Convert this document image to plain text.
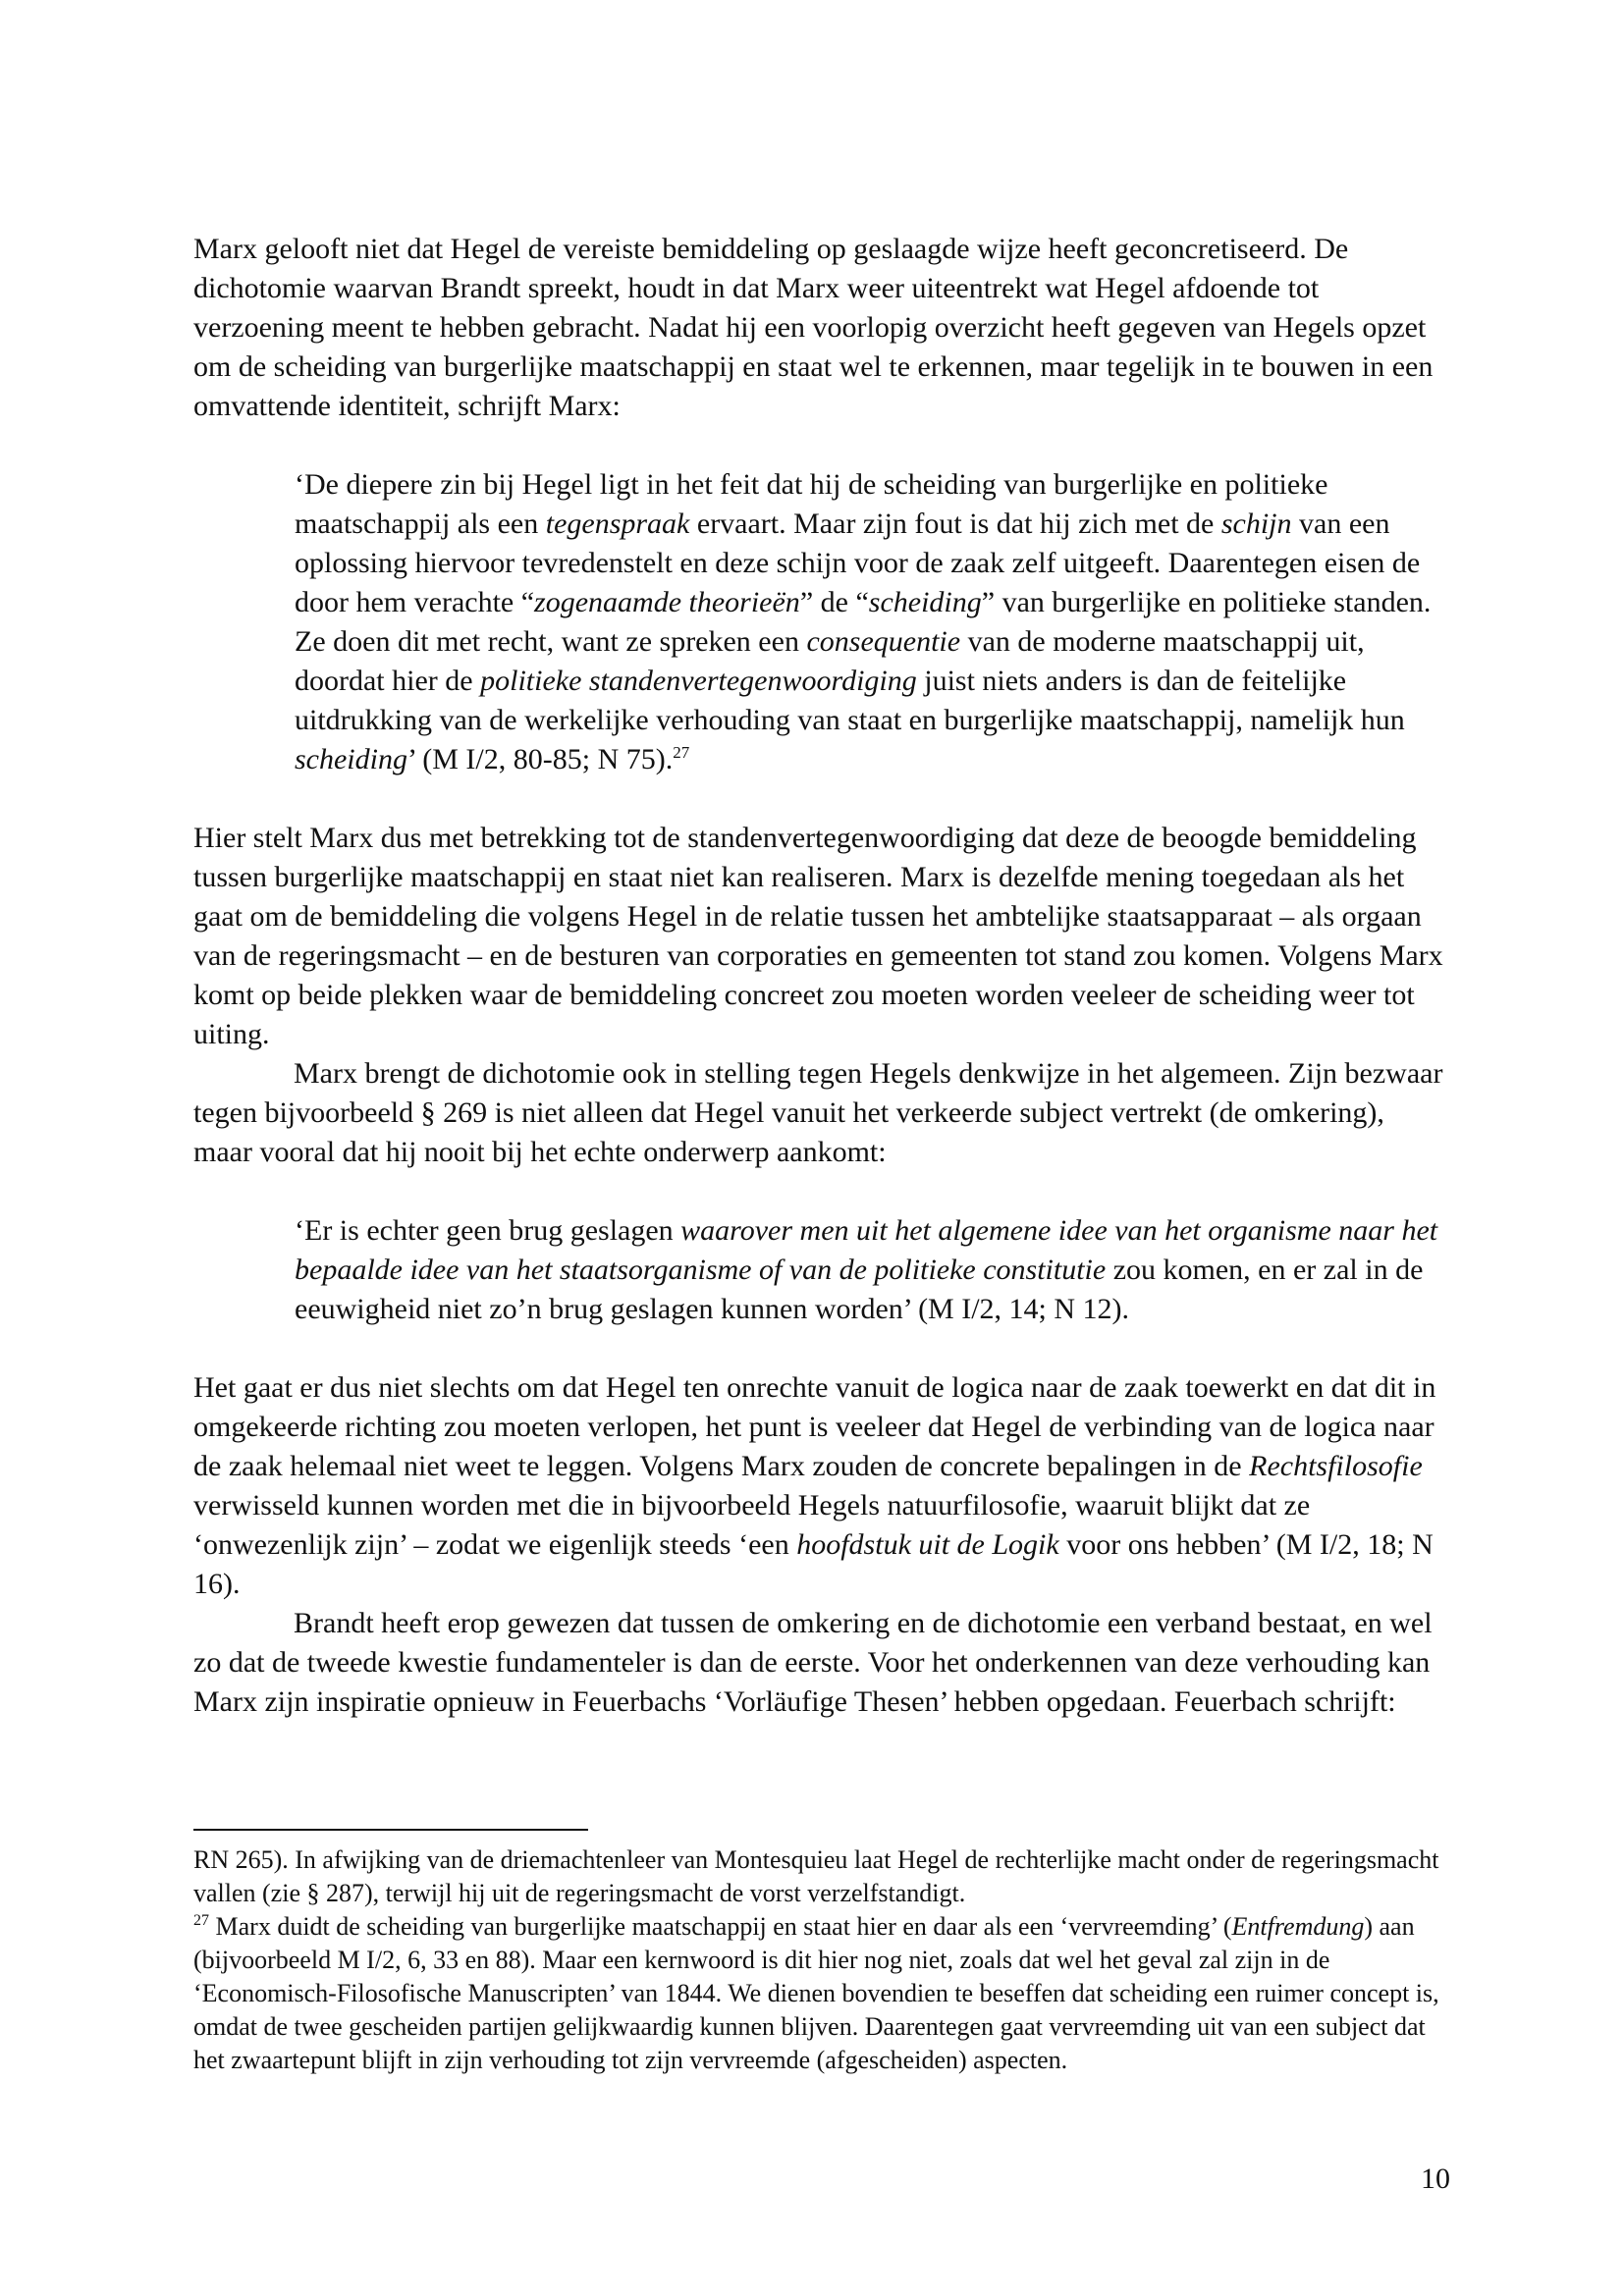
Marx gelooft niet dat Hegel de vereiste bemiddeling op geslaagde wijze heeft geconcretiseerd. De dichotomie waarvan Brandt spreekt, houdt in dat Marx weer uiteentrekt wat Hegel afdoende tot verzoening meent te hebben gebracht. Nadat hij een voorlopig overzicht heeft gegeven van Hegels opzet om de scheiding van burgerlijke maatschappij en staat wel te erkennen, maar tegelijk in te bouwen in een omvattende identiteit, schrijft Marx:

‘De diepere zin bij Hegel ligt in het feit dat hij de scheiding van burgerlijke en politieke maatschappij als een tegenspraak ervaart. Maar zijn fout is dat hij zich met de schijn van een oplossing hiervoor tevredenstelt en deze schijn voor de zaak zelf uitgeeft. Daarentegen eisen de door hem verachte “zogenaamde theorieën” de “scheiding” van burgerlijke en politieke standen. Ze doen dit met recht, want ze spreken een consequentie van de moderne maatschappij uit, doordat hier de politieke standenvertegenwoordiging juist niets anders is dan de feitelijke uitdrukking van de werkelijke verhouding van staat en burgerlijke maatschappij, namelijk hun scheiding’ (M I/2, 80-85; N 75).$^{27}$

Hier stelt Marx dus met betrekking tot de standenvertegenwoordiging dat deze de beoogde bemiddeling tussen burgerlijke maatschappij en staat niet kan realiseren. Marx is dezelfde mening toegedaan als het gaat om de bemiddeling die volgens Hegel in de relatie tussen het ambtelijke staatsapparaat – als orgaan van de regeringsmacht – en de besturen van corporaties en gemeenten tot stand zou komen. Volgens Marx komt op beide plekken waar de bemiddeling concreet zou moeten worden veeleer de scheiding weer tot uiting.

Marx brengt de dichotomie ook in stelling tegen Hegels denkwijze in het algemeen. Zijn bezwaar tegen bijvoorbeeld § 269 is niet alleen dat Hegel vanuit het verkeerde subject vertrekt (de omkering), maar vooral dat hij nooit bij het echte onderwerp aankomt:

‘Er is echter geen brug geslagen waarover men uit het algemene idee van het organisme naar het bepaalde idee van het staatsorganisme of van de politieke constitutie zou komen, en er zal in de eeuwigheid niet zo’n brug geslagen kunnen worden’ (M I/2, 14; N 12).

Het gaat er dus niet slechts om dat Hegel ten onrechte vanuit de logica naar de zaak toewerkt en dat dit in omgekeerde richting zou moeten verlopen, het punt is veeleer dat Hegel de verbinding van de logica naar de zaak helemaal niet weet te leggen. Volgens Marx zouden de concrete bepalingen in de Rechtsfilosofie verwisseld kunnen worden met die in bijvoorbeeld Hegels natuurfilosofie, waaruit blijkt dat ze ‘onwezenlijk zijn’ – zodat we eigenlijk steeds ‘een hoofdstuk uit de Logik voor ons hebben’ (M I/2, 18; N 16).

Brandt heeft erop gewezen dat tussen de omkering en de dichotomie een verband bestaat, en wel zo dat de tweede kwestie fundamenteler is dan de eerste. Voor het onderkennen van deze verhouding kan Marx zijn inspiratie opnieuw in Feuerbachs ‘Vorläufige Thesen’ hebben opgedaan. Feuerbach schrijft:

RN 265). In afwijking van de driemachtenleer van Montesquieu laat Hegel de rechterlijke macht onder de regeringsmacht vallen (zie § 287), terwijl hij uit de regeringsmacht de vorst verzelfstandigt.

$^{27}$ Marx duidt de scheiding van burgerlijke maatschappij en staat hier en daar als een ‘vervreemding’ (Entfremdung) aan (bijvoorbeeld M I/2, 6, 33 en 88). Maar een kernwoord is dit hier nog niet, zoals dat wel het geval zal zijn in de ‘Economisch-Filosofische Manuscripten’ van 1844. We dienen bovendien te beseffen dat scheiding een ruimer concept is, omdat de twee gescheiden partijen gelijkwaardig kunnen blijven. Daarentegen gaat vervreemding uit van een subject dat het zwaartepunt blijft in zijn verhouding tot zijn vervreemde (afgescheiden) aspecten.

10
